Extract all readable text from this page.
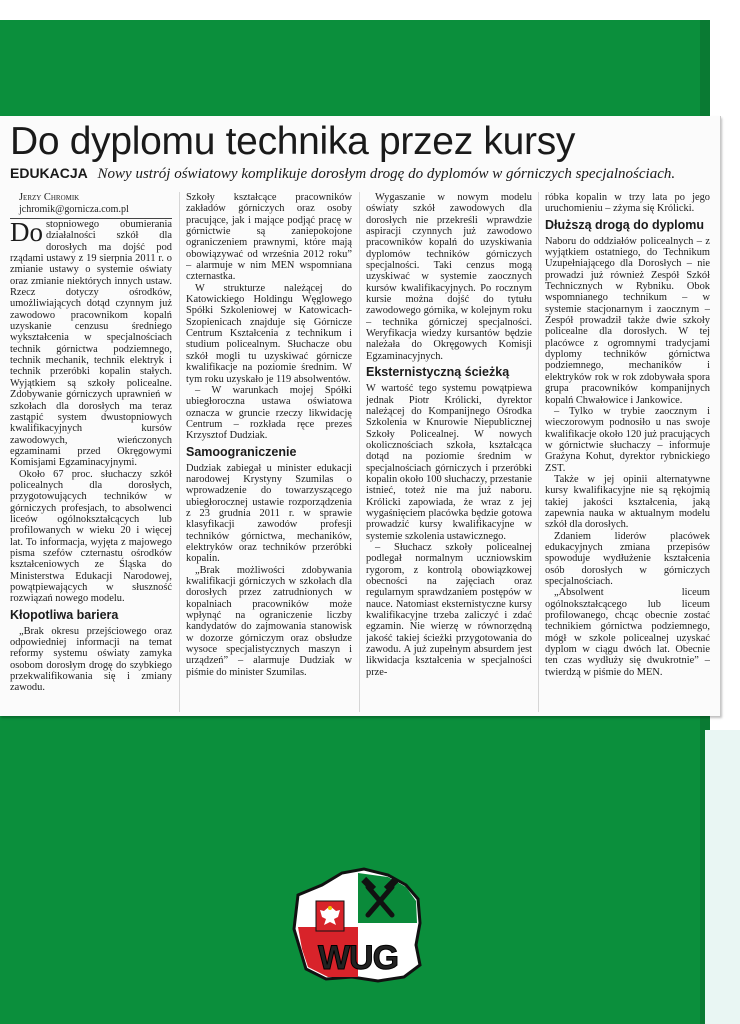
Do dyplomu technika przez kursy
EDUKACJA Nowy ustrój oświatowy komplikuje dorosłym drogę do dyplomów w górniczych specjalnościach.

Jerzy Chromik

jchromik@gornicza.com.pl

Do stopniowego obumierania działalności szkół dla dorosłych ma dojść pod rządami ustawy z 19 sierpnia 2011 r. o zmianie ustawy o systemie oświaty oraz zmianie niektórych innych ustaw. Rzecz dotyczy ośrodków, umożliwiających dotąd czynnym już zawodowo pracownikom kopalń uzyskanie cenzusu średniego wykształcenia w specjalnościach technik górnictwa podziemnego, technik mechanik, technik elektryk i technik przeróbki kopalin stałych. Wyjątkiem są szkoły policealne. Zdobywanie górniczych uprawnień w szkołach dla dorosłych ma teraz zastąpić system dwustopniowych kwalifikacyjnych kursów zawodowych, wieńczonych egzaminami przed Okręgowymi Komisjami Egzaminacyjnymi.

Około 67 proc. słuchaczy szkół policealnych dla dorosłych, przygotowujących techników w górniczych profesjach, to absolwenci liceów ogólnokształcących lub profilowanych w wieku 20 i więcej lat. To informacja, wyjęta z majowego pisma szefów czternastu ośrodków kształceniowych ze Śląska do Ministerstwa Edukacji Narodowej, powątpiewających w słuszność rozwiązań nowego modelu.

Kłopotliwa bariera

„Brak okresu przejściowego oraz odpowiedniej informacji na temat reformy systemu oświaty zamyka osobom dorosłym drogę do szybkiego przekwalifikowania się i zmiany zawodu.

Szkoły kształcące pracowników zakładów górniczych oraz osoby pracujące, jak i mające podjąć pracę w górnictwie są zaniepokojone ograniczeniem prawnymi, które mają obowiązywać od września 2012 roku” – alarmuje w nim MEN wspomniana czternastka.

W strukturze należącej do Katowickiego Holdingu Węglowego Spółki Szkoleniowej w Katowicach-Szopienicach znajduje się Górnicze Centrum Kształcenia z technikum i studium policealnym. Słuchacze obu szkół mogli tu uzyskiwać górnicze kwalifikacje na poziomie średnim. W tym roku uzyskało je 119 absolwentów.

– W warunkach mojej Spółki ubiegłoroczna ustawa oświatowa oznacza w gruncie rzeczy likwidację Centrum – rozkłada ręce prezes Krzysztof Dudziak.

Samoograniczenie

Dudziak zabiegał u minister edukacji narodowej Krystyny Szumilas o wprowadzenie do towarzyszącego ubiegłorocznej ustawie rozporządzenia z 23 grudnia 2011 r. w sprawie klasyfikacji zawodów profesji techników górnictwa, mechaników, elektryków oraz techników przeróbki kopalin.

„Brak możliwości zdobywania kwalifikacji górniczych w szkołach dla dorosłych przez zatrudnionych w kopalniach pracowników może wpłynąć na ograniczenie liczby kandydatów do zajmowania stanowisk w dozorze górniczym oraz obsłudze wysoce specjalistycznych maszyn i urządzeń” – alarmuje Dudziak w piśmie do minister Szumilas.

Wygaszanie w nowym modelu oświaty szkół zawodowych dla dorosłych nie przekreśli wprawdzie aspiracji czynnych już zawodowo pracowników kopalń do uzyskiwania dyplomów techników górniczych specjalności. Taki cenzus mogą uzyskiwać w systemie zaocznych kursów kwalifikacyjnych. Po rocznym kursie można dojść do tytułu zawodowego górnika, w kolejnym roku – technika górniczej specjalności. Weryfikacja wiedzy kursantów będzie należała do Okręgowych Komisji Egzaminacyjnych.

Eksternistyczną ścieżką

W wartość tego systemu powątpiewa jednak Piotr Królicki, dyrektor należącej do Kompanijnego Ośrodka Szkolenia w Knurowie Niepublicznej Szkoły Policealnej. W nowych okolicznościach szkoła, kształcąca dotąd na poziomie średnim w specjalnościach górniczych i przeróbki kopalin około 100 słuchaczy, przestanie istnieć, toteż nie ma już naboru. Królicki zapowiada, że wraz z jej wygaśnięciem placówka będzie gotowa prowadzić kursy kwalifikacyjne w systemie szkolenia ustawicznego.

– Słuchacz szkoły policealnej podlegał normalnym uczniowskim rygorom, z kontrolą obowiązkowej obecności na zajęciach oraz regularnym sprawdzaniem postępów w nauce. Natomiast eksternistyczne kursy kwalifikacyjne trzeba zaliczyć i zdać egzamin. Nie wierzę w równorzędną jakość takiej ścieżki przygotowania do zawodu. A już zupełnym absurdem jest likwidacja kształcenia w specjalności prze-

róbka kopalin w trzy lata po jego uruchomieniu – zżyma się Królicki.

Dłuższą drogą do dyplomu

Naboru do oddziałów policealnych – z wyjątkiem ostatniego, do Technikum Uzupełniającego dla Dorosłych – nie prowadzi już również Zespół Szkół Technicznych w Rybniku. Obok wspomnianego technikum – w systemie stacjonarnym i zaocznym – Zespół prowadził także dwie szkoły policealne dla dorosłych. W tej placówce z ogromnymi tradycjami dyplomy techników górnictwa podziemnego, mechaników i elektryków rok w rok zdobywała spora grupa pracowników kompanijnych kopalń Chwałowice i Jankowice.

– Tylko w trybie zaocznym i wieczorowym podnosiło u nas swoje kwalifikacje około 120 już pracujących w górnictwie słuchaczy – informuje Grażyna Kohut, dyrektor rybnickiego ZST.

Także w jej opinii alternatywne kursy kwalifikacyjne nie są rękojmią takiej jakości kształcenia, jaką zapewnia nauka w aktualnym modelu szkół dla dorosłych.

Zdaniem liderów placówek edukacyjnych zmiana przepisów spowoduje wydłużenie kształcenia osób dorosłych w górniczych specjalnościach.

„Absolwent liceum ogólnokształcącego lub liceum profilowanego, chcąc obecnie zostać technikiem górnictwa podziemnego, mógł w szkole policealnej uzyskać dyplom w ciągu dwóch lat. Obecnie ten czas wydłuży się dwukrotnie” – twierdzą w piśmie do MEN.

WUG
